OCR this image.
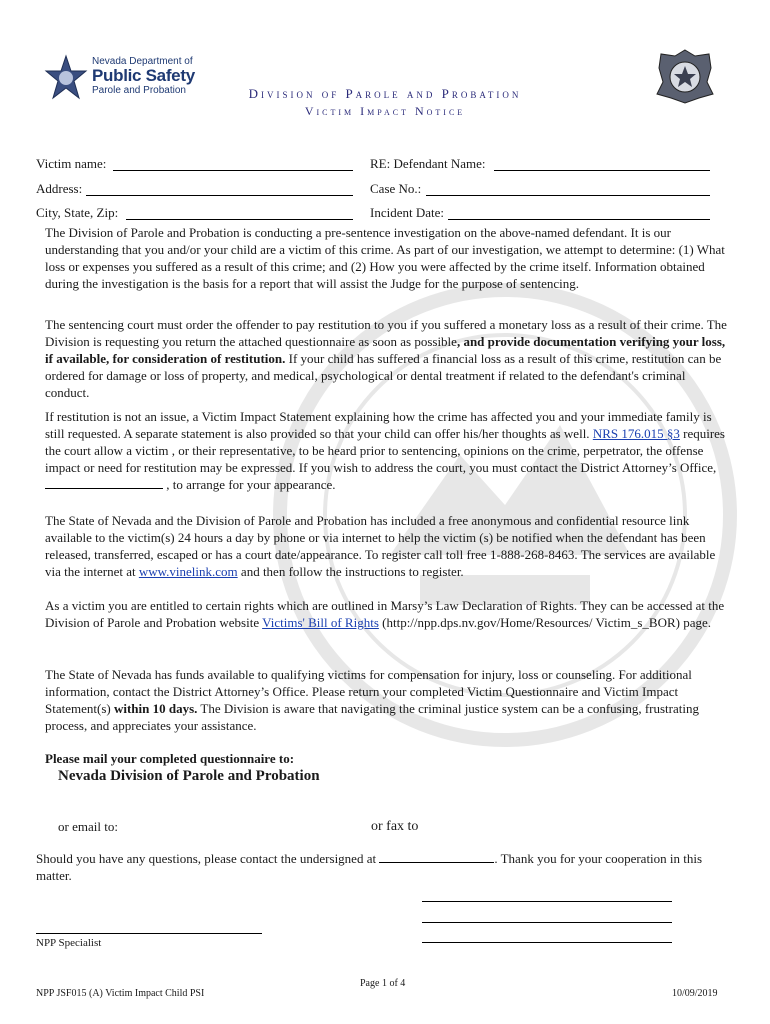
Nevada Department of
Public Safety
Parole and Probation	Division of Parole and Probation
Victim Impact Notice
Victim name:
Address:
City, State, Zip:
RE: Defendant Name:
Case No.:
Incident Date:

The Division of Parole and Probation is conducting a pre-sentence investigation on the above-named defendant. It is our understanding that you and/or your child are a victim of this crime. As part of our investigation, we attempt to determine: (1) What loss or expenses you suffered as a result of this crime; and (2) How you were affected by the crime itself. Information obtained during the investigation is the basis for a report that will assist the Judge for the purpose of sentencing.

The sentencing court must order the offender to pay restitution to you if you suffered a monetary loss as a result of their crime. The Division is requesting you return the attached questionnaire as soon as possible, and provide documentation verifying your loss, if available, for consideration of restitution. If your child has suffered a financial loss as a result of this crime, restitution can be ordered for damage or loss of property, and medical, psychological or dental treatment if related to the defendant's criminal conduct.

If restitution is not an issue, a Victim Impact Statement explaining how the crime has affected you and your immediate family is still requested. A separate statement is also provided so that your child can offer his/her thoughts as well. NRS 176.015 §3 requires the court allow a victim , or their representative, to be heard prior to sentencing, opinions on the crime, perpetrator, the offense impact or need for restitution may be expressed. If you wish to address the court, you must contact the District Attorney’s Office,  , to arrange for your appearance.

The State of Nevada and the Division of Parole and Probation has included a free anonymous and confidential resource link available to the victim(s) 24 hours a day by phone or via internet to help the victim (s) be notified when the defendant has been released, transferred, escaped or has a court date/appearance. To register call toll free 1-888-268-8463. The services are available via the internet at www.vinelink.com and then follow the instructions to register.

As a victim you are entitled to certain rights which are outlined in Marsy’s Law Declaration of Rights. They can be accessed at the Division of Parole and Probation website Victims' Bill of Rights (http://npp.dps.nv.gov/Home/Resources/ Victim_s_BOR) page.

The State of Nevada has funds available to qualifying victims for compensation for injury, loss or counseling. For additional information, contact the District Attorney’s Office. Please return your completed Victim Questionnaire and Victim Impact Statement(s) within 10 days. The Division is aware that navigating the criminal justice system can be a confusing, frustrating process, and appreciates your assistance.

Please mail your completed questionnaire to:
Nevada Division of Parole and Probation
or email to:	or fax to

Should you have any questions, please contact the undersigned at	. Thank you for your cooperation in this matter.

NPP Specialist
NPP JSF015 (A) Victim Impact Child PSI
Page 1 of 4
10/09/2019
